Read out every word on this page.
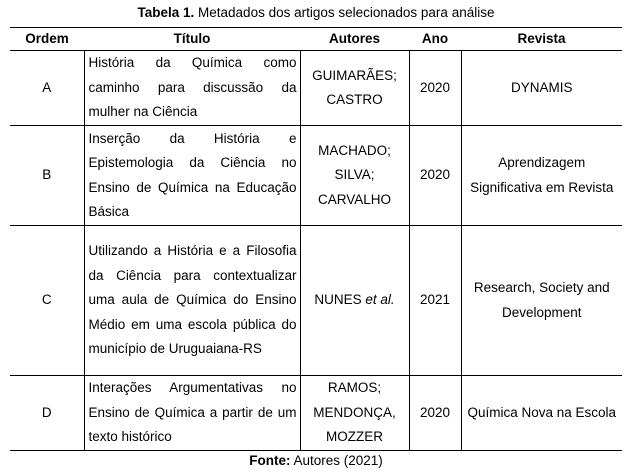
Tabela 1. Metadados dos artigos selecionados para análise
Ordem	Título	Autores	Ano	Revista
A	História da Química como caminho para discussão da mulher na Ciência	GUIMARÃES; CASTRO	2020	DYNAMIS
B	Inserção da História e Epistemologia da Ciência no Ensino de Química na Educação Básica	MACHADO; SILVA; CARVALHO	2020	Aprendizagem Significativa em Revista
C	Utilizando a História e a Filosofia da Ciência para contextualizar uma aula de Química do Ensino Médio em uma escola pública do município de Uruguaiana-RS	NUNES et al.	2021	Research, Society and Development
D	Interações Argumentativas no Ensino de Química a partir de um texto histórico	RAMOS; MENDONÇA, MOZZER	2020	Química Nova na Escola
Fonte: Autores (2021)
